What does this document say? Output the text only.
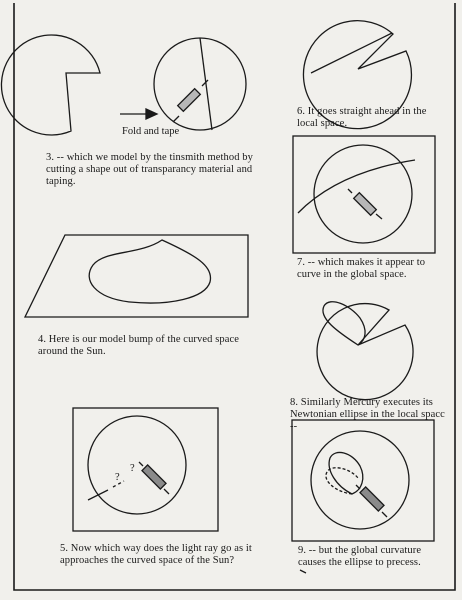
?
?
Fold and tape
3. -- which we model by the tinsmith method by cutting a shape out of transparancy material and taping.
4. Here is our model bump of the curved space around the Sun.
5. Now which way does the light ray go as it approaches the curved space of the Sun?
6. It goes straight ahead in the local space.
7. -- which makes it appear to curve in the global space.
8. Similarly Mercury executes its Newtonian ellipse in the local spacc --
9. -- but the global curvature causes the ellipse to precess.
